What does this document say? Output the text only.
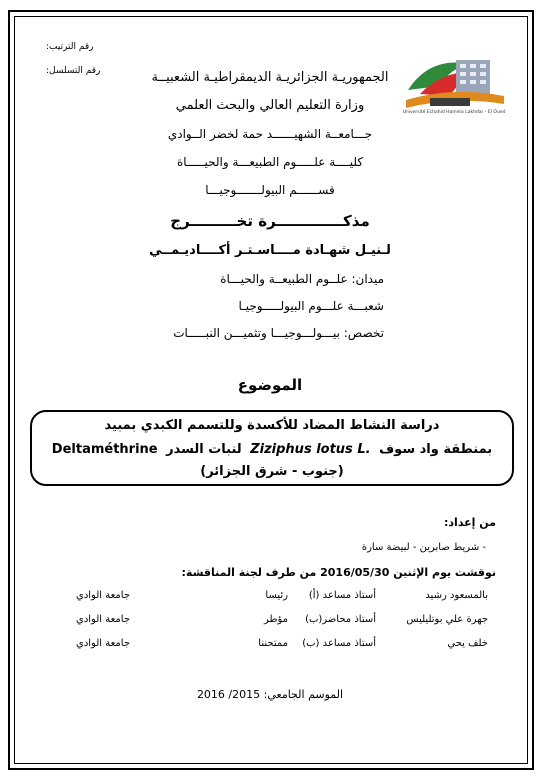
رقم الترتيب:
رقم التسلسل:
Université Echahid Hamma Lakhdar - El Oued
الجمهوريـة الجزائريـة الديمقراطيـة الشعبيــة
وزارة التعليم العالي والبحث العلمي
جـــامعــة الشهيــــــد حمة لخضر الــوادي
كليــــة علـــــوم الطبيعـــة والحيـــــاة
قســــــم البيولـــــــوجيـــا
مذكـــــــــــــرة تخـــــــــرج
لـنيـل شهـادة مــــاسـتـر أكــــاديـمــي
ميدان: علــوم الطبيعــة والحيـــاة
شعبـــة علـــوم البيولـــــوجيـا
تخصص: بيـــولـــوجيـــا وتثميـــن النبـــــات
الموضوع
دراسة النشاط المضاد للأكسدة وللتسمم الكبدي بمبيد
بمنطقة واد سوف Ziziphus lotus L. لنبات السدر Deltaméthrine
(جنوب - شرق الجزائر)
من إعداد:
- شريط صابرين - لبيضة سارة
نوقشت يوم الإثنين 2016/05/30 من طرف لجنة المناقشة:
بالمسعود رشيد
أستاذ مساعد (أ)
رئيسا
جامعة الوادي
جهرة علي بوتليليس
أستاذ محاضر(ب)
مؤطر
جامعة الوادي
خلف يحي
أستاذ مساعد (ب)
ممتحننا
جامعة الوادي
الموسم الجامعي: 2015/ 2016
